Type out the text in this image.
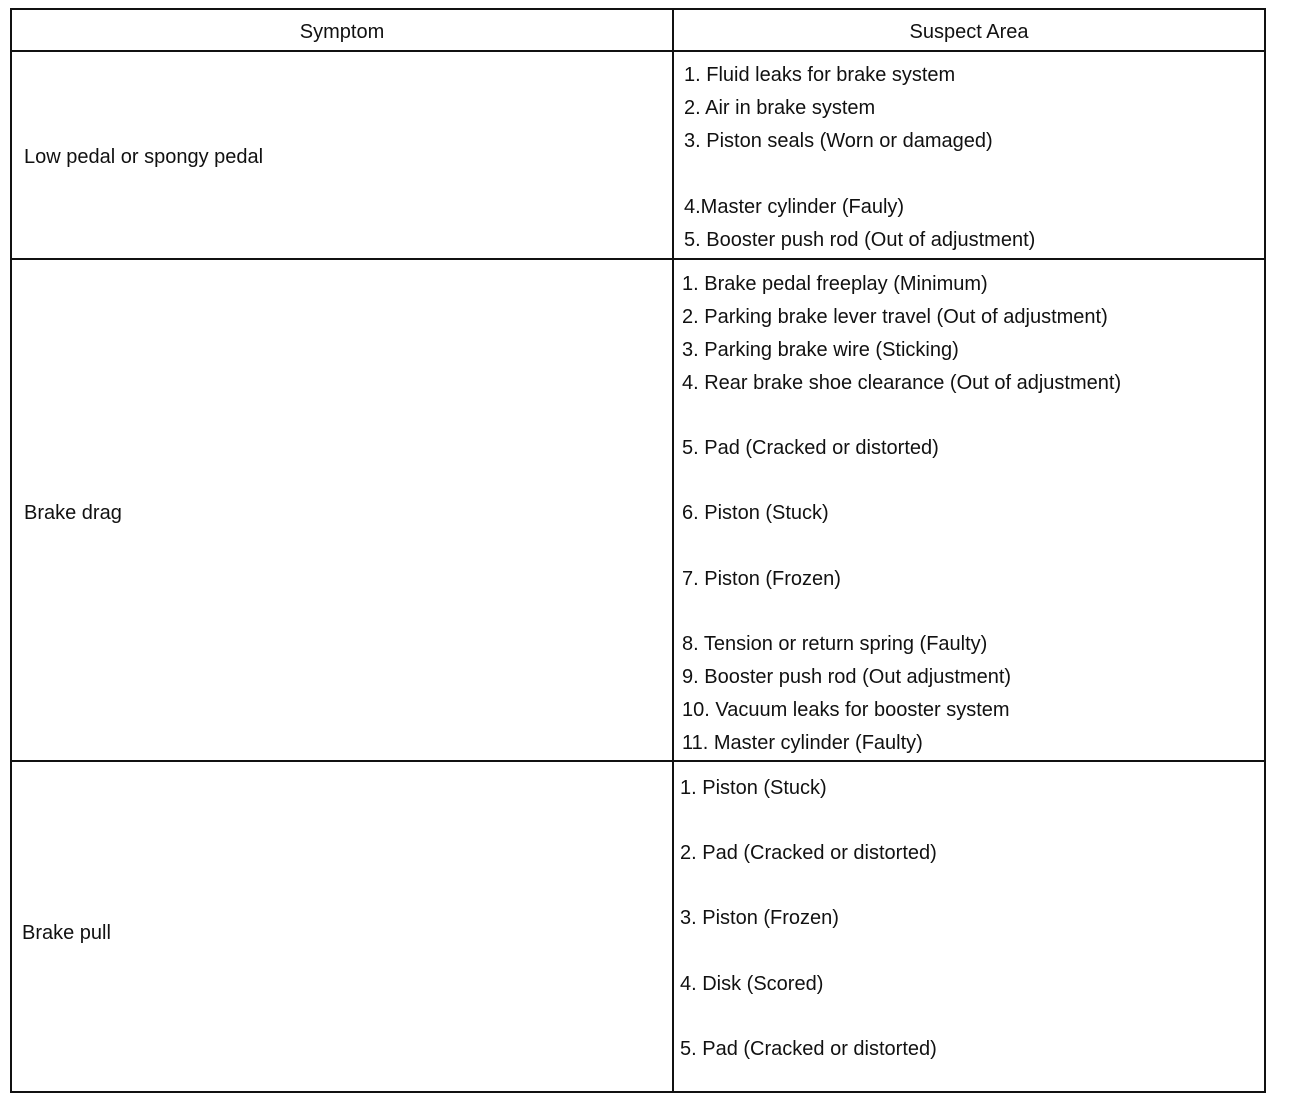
Symptom	Suspect Area
Low pedal or spongy pedal
1. Fluid leaks for brake system
2. Air in brake system
3. Piston seals (Worn or damaged)
4.Master cylinder (Fauly)
5. Booster push rod (Out of adjustment)
Brake drag
1. Brake pedal freeplay (Minimum)
2. Parking brake lever travel (Out of adjustment)
3. Parking brake wire (Sticking)
4. Rear brake shoe clearance (Out of adjustment)
5. Pad (Cracked or distorted)
6. Piston (Stuck)
7. Piston (Frozen)
8. Tension or return spring (Faulty)
9. Booster push rod (Out adjustment)
10. Vacuum leaks for booster system
11. Master cylinder (Faulty)
Brake pull
1. Piston (Stuck)
2. Pad (Cracked or distorted)
3. Piston (Frozen)
4. Disk (Scored)
5. Pad (Cracked or distorted)
